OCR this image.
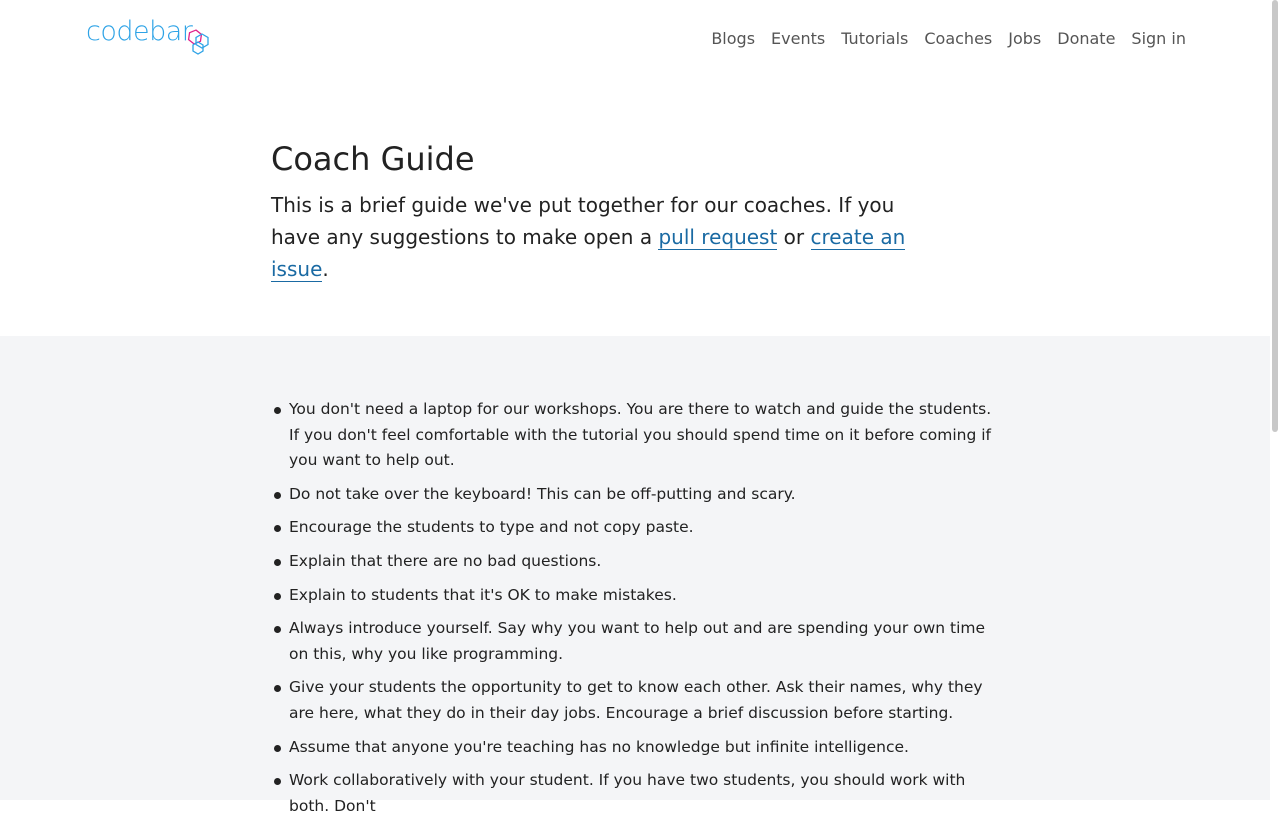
codebar	Blogs Events Tutorials Coaches Jobs Donate Sign in
Coach Guide

This is a brief guide we've put together for our coaches. If you have any suggestions to make open a pull request or create an issue.

You don't need a laptop for our workshops. You are there to watch and guide the students. If you don't feel comfortable with the tutorial you should spend time on it before coming if you want to help out.
Do not take over the keyboard! This can be off-putting and scary.
Encourage the students to type and not copy paste.
Explain that there are no bad questions.
Explain to students that it's OK to make mistakes.
Always introduce yourself. Say why you want to help out and are spending your own time on this, why you like programming.
Give your students the opportunity to get to know each other. Ask their names, why they are here, what they do in their day jobs. Encourage a brief discussion before starting.
Assume that anyone you're teaching has no knowledge but infinite intelligence.
Work collaboratively with your student. If you have two students, you should work with both. Don't
